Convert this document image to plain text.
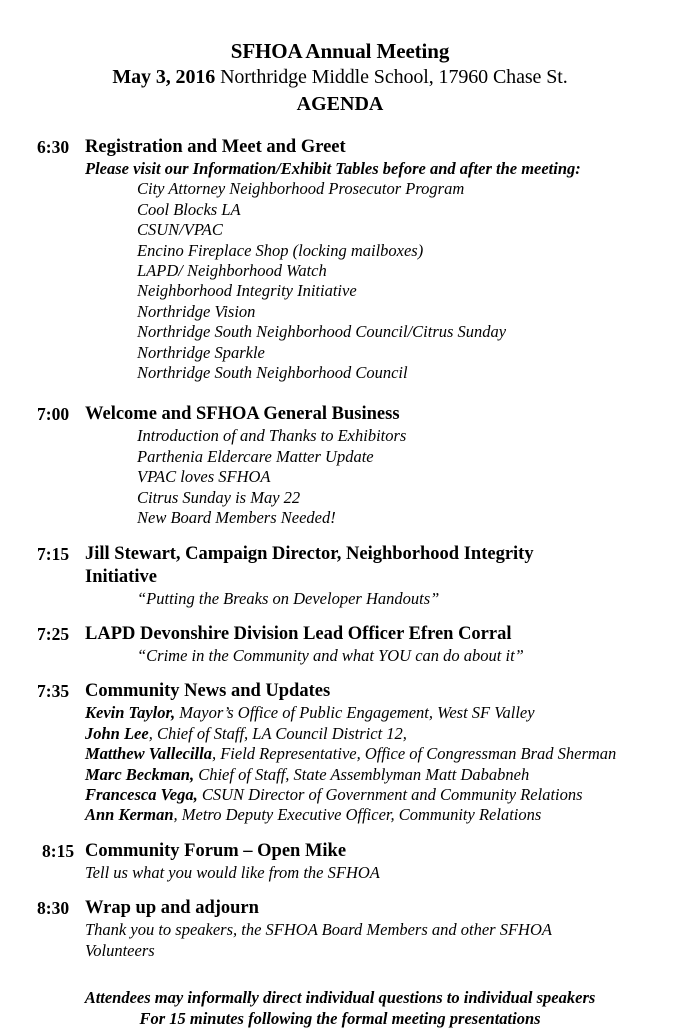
SFHOA Annual Meeting
May 3, 2016 Northridge Middle School, 17960 Chase St.
AGENDA
6:30 Registration and Meet and Greet
Please visit our Information/Exhibit Tables before and after the meeting:
City Attorney Neighborhood Prosecutor Program
Cool Blocks LA
CSUN/VPAC
Encino Fireplace Shop (locking mailboxes)
LAPD/ Neighborhood Watch
Neighborhood Integrity Initiative
Northridge Vision
Northridge South Neighborhood Council/Citrus Sunday
Northridge Sparkle
Northridge South Neighborhood Council
7:00 Welcome and SFHOA General Business
Introduction of and Thanks to Exhibitors
Parthenia Eldercare Matter Update
VPAC loves SFHOA
Citrus Sunday is May 22
New Board Members Needed!
7:15 Jill Stewart, Campaign Director, Neighborhood Integrity Initiative
“Putting the Breaks on Developer Handouts”
7:25 LAPD Devonshire Division Lead Officer Efren Corral
“Crime in the Community and what YOU can do about it”
7:35 Community News and Updates
Kevin Taylor, Mayor’s Office of Public Engagement, West SF Valley
John Lee, Chief of Staff, LA Council District 12,
Matthew Vallecilla, Field Representative, Office of Congressman Brad Sherman
Marc Beckman, Chief of Staff, State Assemblyman Matt Dababneh
Francesca Vega, CSUN Director of Government and Community Relations
Ann Kerman, Metro Deputy Executive Officer, Community Relations
8:15 Community Forum – Open Mike
Tell us what you would like from the SFHOA
8:30 Wrap up and adjourn
Thank you to speakers, the SFHOA Board Members and other SFHOA Volunteers
Attendees may informally direct individual questions to individual speakers
For 15 minutes following the formal meeting presentations
